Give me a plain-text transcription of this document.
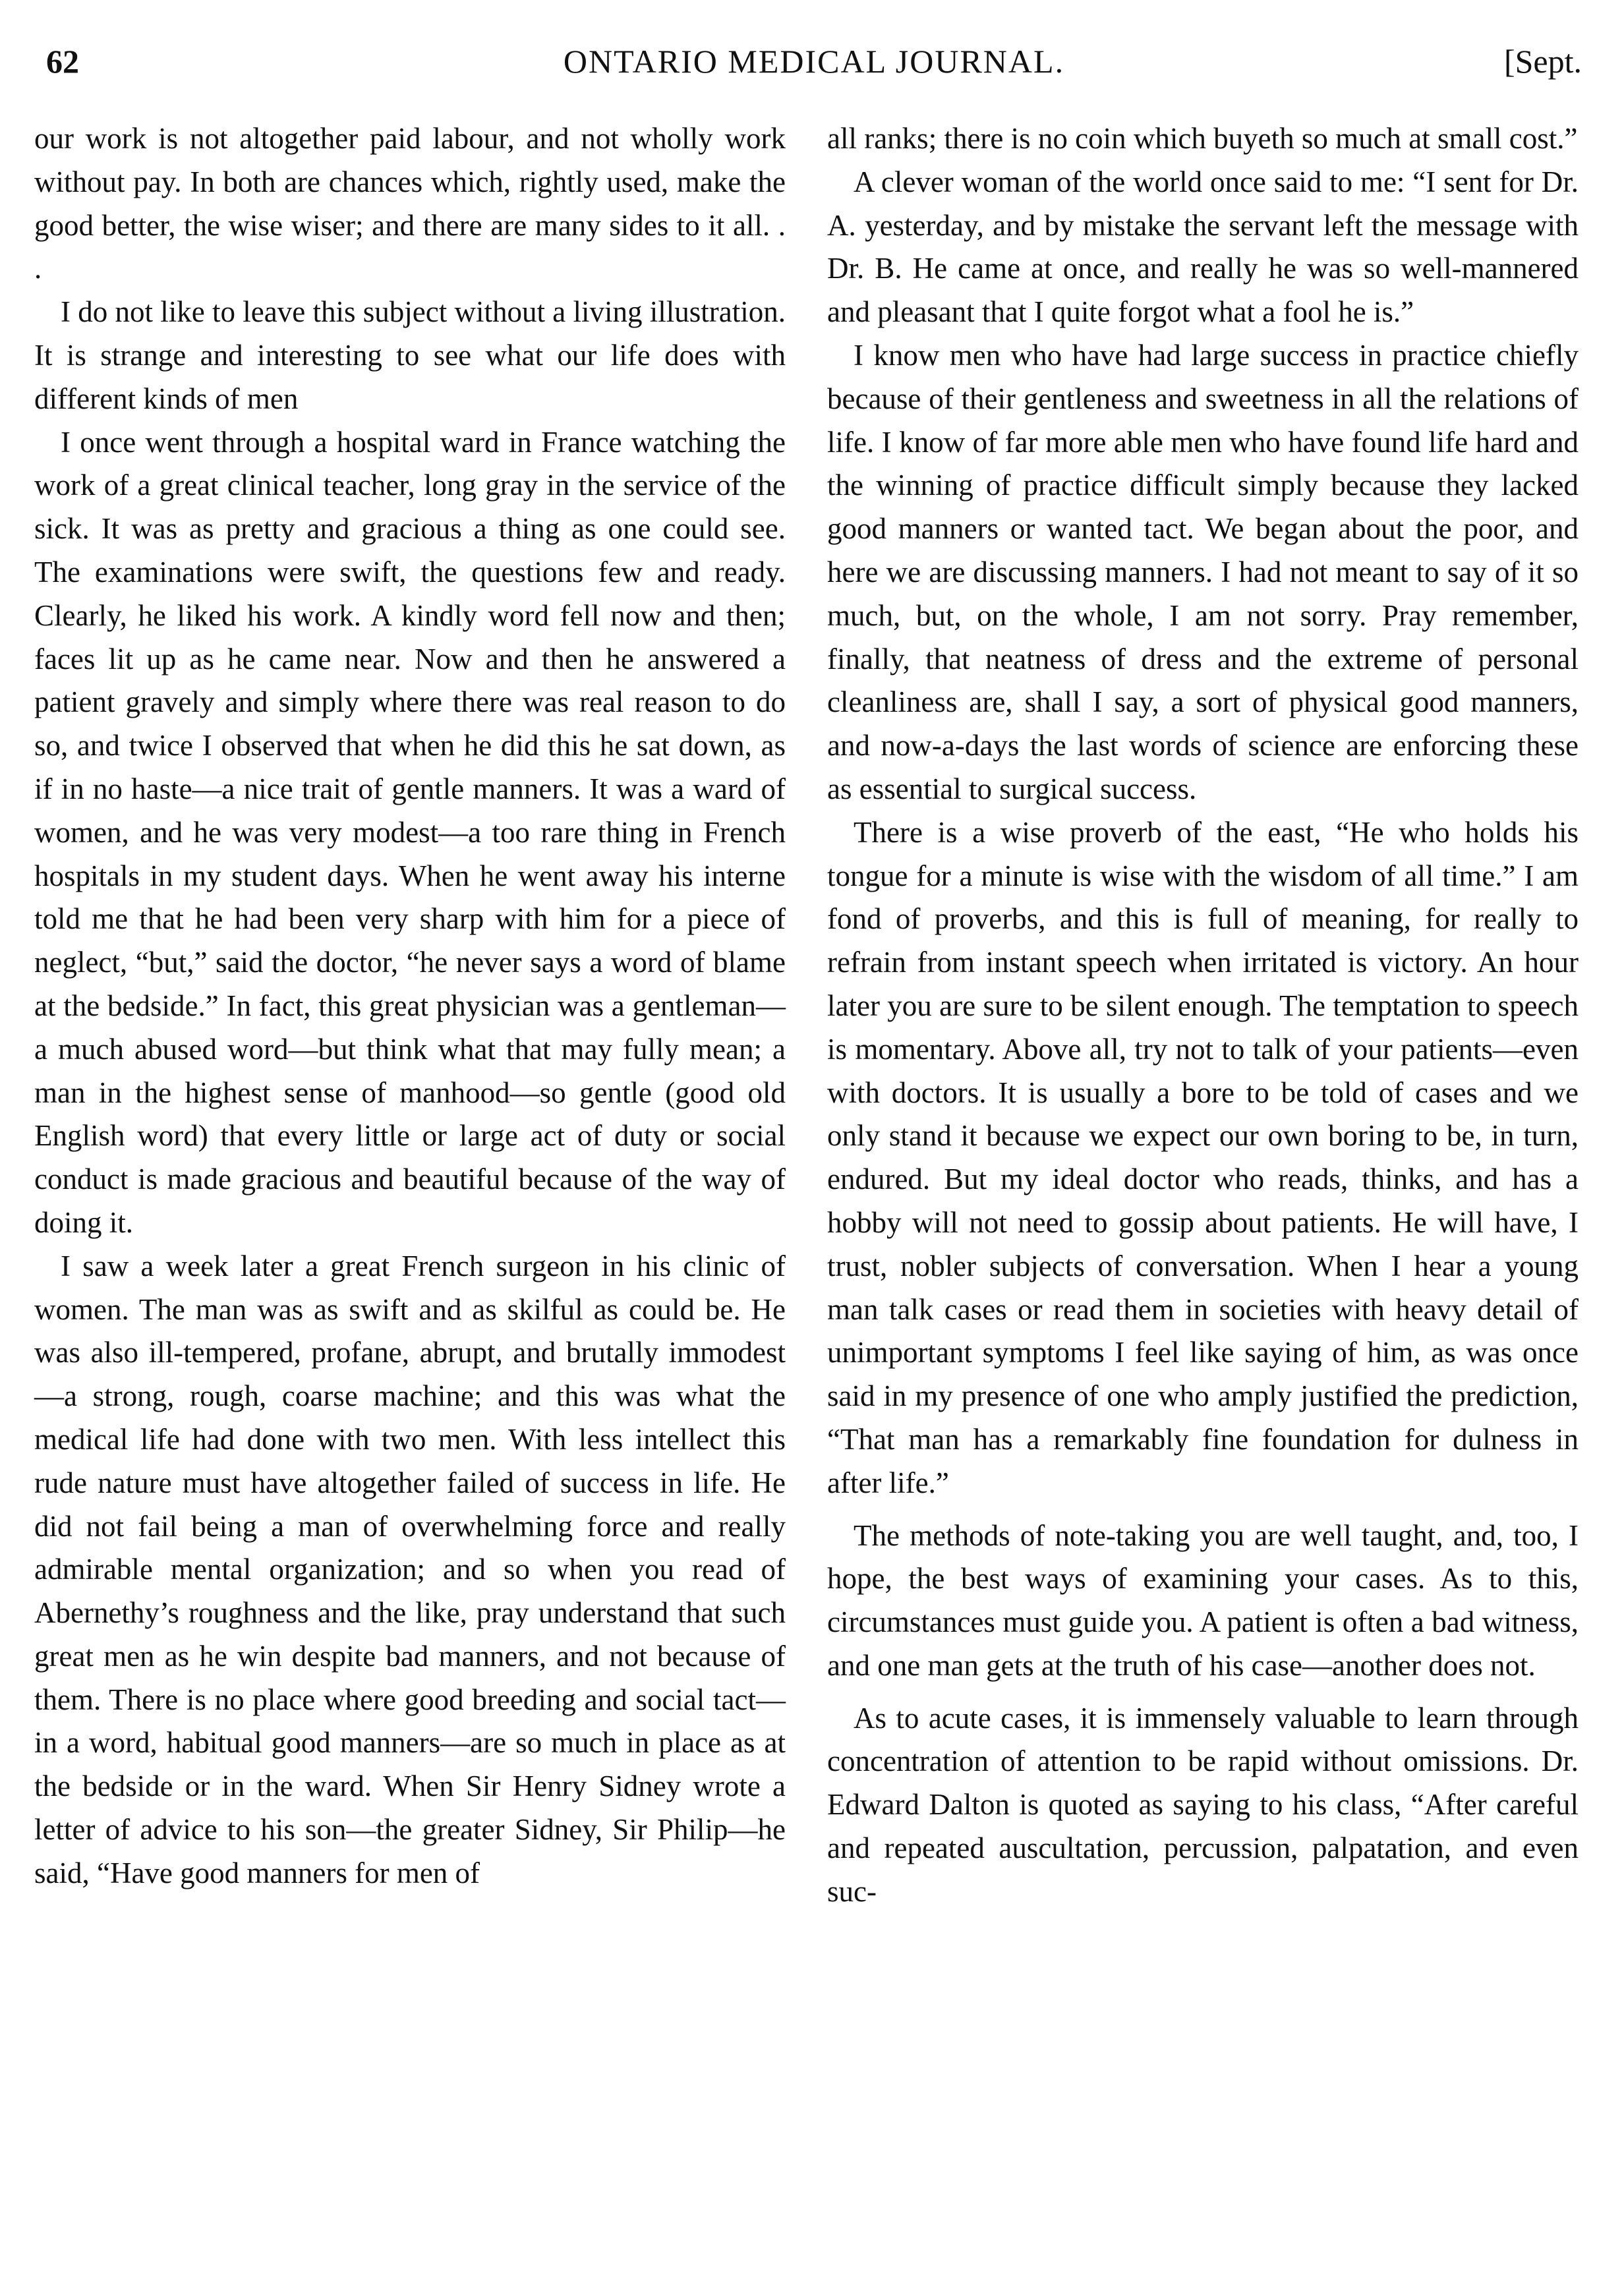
62	ONTARIO MEDICAL JOURNAL.	[Sept.

our work is not altogether paid labour, and not wholly work without pay. In both are chances which, rightly used, make the good better, the wise wiser; and there are many sides to it all. . .

I do not like to leave this subject without a living illustration. It is strange and interesting to see what our life does with different kinds of men

I once went through a hospital ward in France watching the work of a great clinical teacher, long gray in the service of the sick. It was as pretty and gracious a thing as one could see. The examinations were swift, the questions few and ready. Clearly, he liked his work. A kindly word fell now and then; faces lit up as he came near. Now and then he answered a patient gravely and simply where there was real reason to do so, and twice I observed that when he did this he sat down, as if in no haste—a nice trait of gentle manners. It was a ward of women, and he was very modest—a too rare thing in French hospitals in my student days. When he went away his interne told me that he had been very sharp with him for a piece of neglect, “but,” said the doctor, “he never says a word of blame at the bedside.” In fact, this great physician was a gentleman—a much abused word—but think what that may fully mean; a man in the highest sense of manhood—so gentle (good old English word) that every little or large act of duty or social conduct is made gracious and beautiful because of the way of doing it.

I saw a week later a great French surgeon in his clinic of women. The man was as swift and as skilful as could be. He was also ill-tempered, profane, abrupt, and brutally immodest—a strong, rough, coarse machine; and this was what the medical life had done with two men. With less intellect this rude nature must have altogether failed of success in life. He did not fail being a man of overwhelming force and really admirable mental organization; and so when you read of Abernethy’s roughness and the like, pray understand that such great men as he win despite bad manners, and not because of them. There is no place where good breeding and social tact—in a word, habitual good manners—are so much in place as at the bedside or in the ward. When Sir Henry Sidney wrote a letter of advice to his son—the greater Sidney, Sir Philip—he said, “Have good manners for men of

all ranks; there is no coin which buyeth so much at small cost.”

A clever woman of the world once said to me: “I sent for Dr. A. yesterday, and by mistake the servant left the message with Dr. B. He came at once, and really he was so well-mannered and pleasant that I quite forgot what a fool he is.”

I know men who have had large success in practice chiefly because of their gentleness and sweetness in all the relations of life. I know of far more able men who have found life hard and the winning of practice difficult simply because they lacked good manners or wanted tact. We began about the poor, and here we are discussing manners. I had not meant to say of it so much, but, on the whole, I am not sorry. Pray remember, finally, that neatness of dress and the extreme of personal cleanliness are, shall I say, a sort of physical good manners, and now-a-days the last words of science are enforcing these as essential to surgical success.

There is a wise proverb of the east, “He who holds his tongue for a minute is wise with the wisdom of all time.” I am fond of proverbs, and this is full of meaning, for really to refrain from instant speech when irritated is victory. An hour later you are sure to be silent enough. The temptation to speech is momentary. Above all, try not to talk of your patients—even with doctors. It is usually a bore to be told of cases and we only stand it because we expect our own boring to be, in turn, endured. But my ideal doctor who reads, thinks, and has a hobby will not need to gossip about patients. He will have, I trust, nobler subjects of conversation. When I hear a young man talk cases or read them in societies with heavy detail of unimportant symptoms I feel like saying of him, as was once said in my presence of one who amply justified the prediction, “That man has a remarkably fine foundation for dulness in after life.”

The methods of note-taking you are well taught, and, too, I hope, the best ways of examining your cases. As to this, circumstances must guide you. A patient is often a bad witness, and one man gets at the truth of his case—another does not.

As to acute cases, it is immensely valuable to learn through concentration of attention to be rapid without omissions. Dr. Edward Dalton is quoted as saying to his class, “After careful and repeated auscultation, percussion, palpatation, and even suc-
